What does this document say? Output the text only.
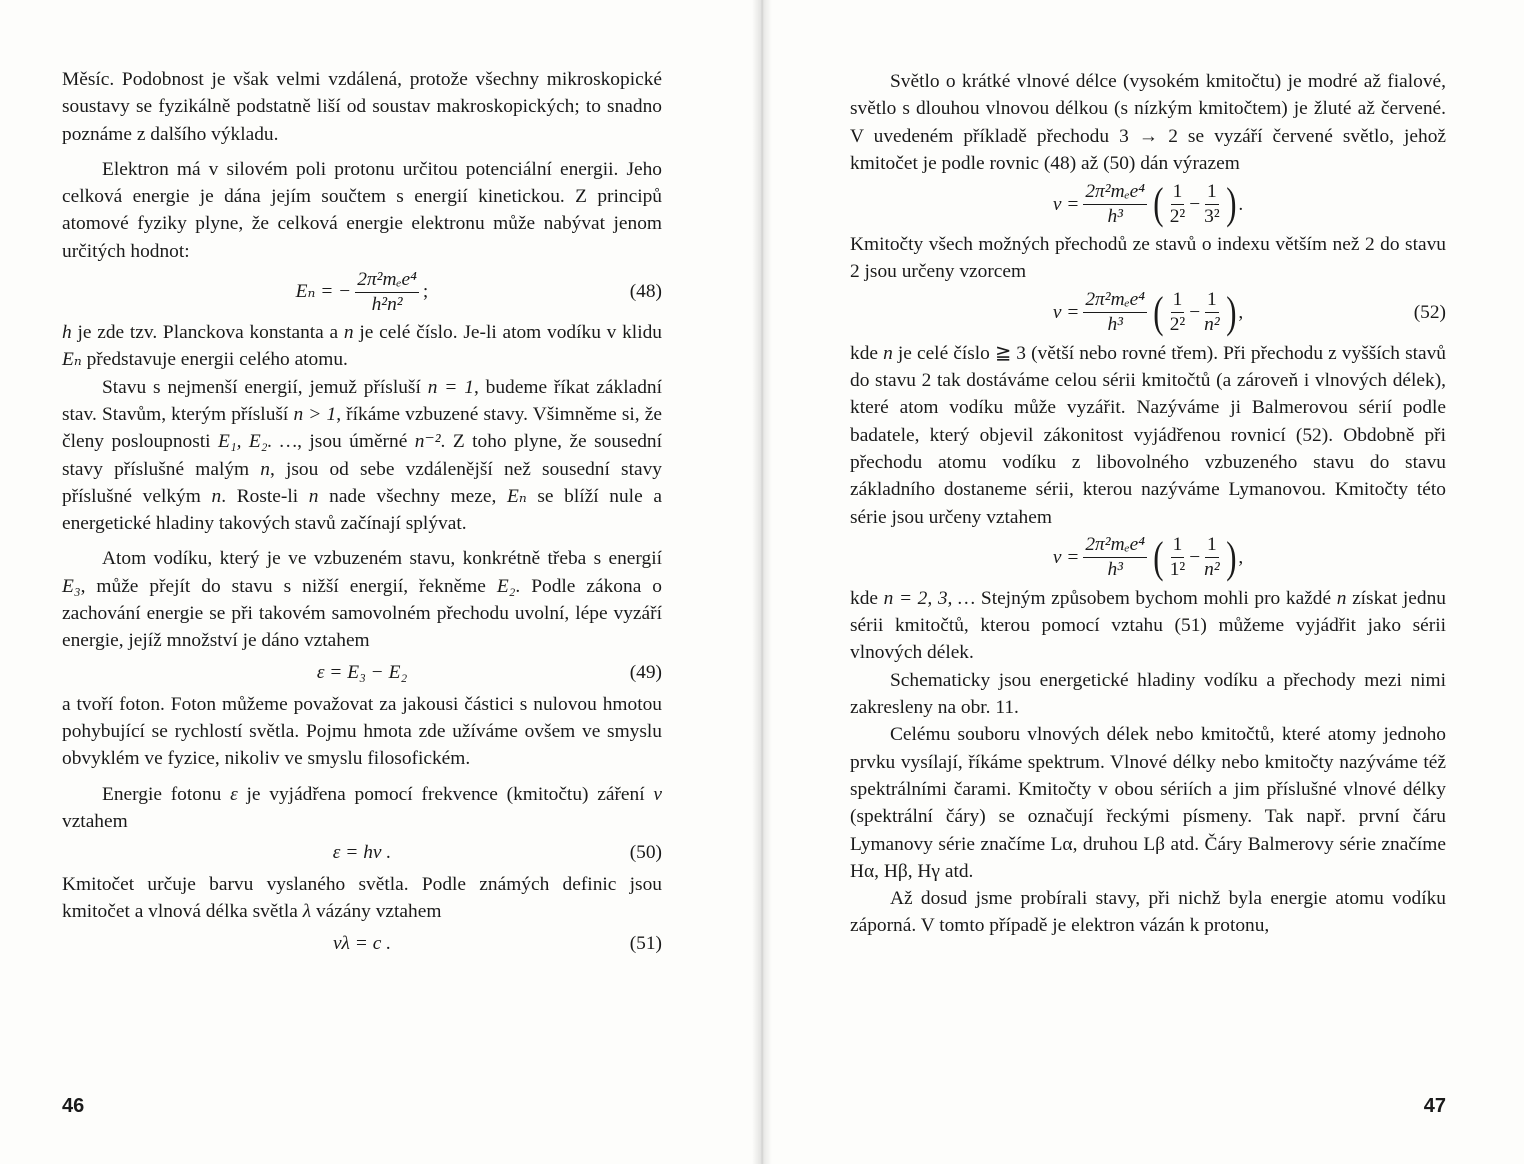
Měsíc. Podobnost je však velmi vzdálená, protože všechny mikroskopické soustavy se fyzikálně podstatně liší od soustav makroskopických; to snadno poznáme z dalšího výkladu.

Elektron má v silovém poli protonu určitou potenciální energii. Jeho celková energie je dána jejím součtem s energií kinetickou. Z principů atomové fyziky plyne, že celková energie elektronu může nabývat jenom určitých hodnot:

Eₙ = − $\frac{\text{2π²mₑe⁴}}{\text{h²n²}}$ ;	(48)

h je zde tzv. Planckova konstanta a n je celé číslo. Je-li atom vodíku v klidu Eₙ představuje energii celého atomu.

Stavu s nejmenší energií, jemuž přísluší n = 1, budeme říkat základní stav. Stavům, kterým přísluší n > 1, říkáme vzbuzené stavy. Všimněme si, že členy posloupnosti E₁, E₂. …, jsou úměrné n⁻². Z toho plyne, že sousední stavy příslušné malým n, jsou od sebe vzdálenější než sousední stavy příslušné velkým n. Roste-li n nade všechny meze, Eₙ se blíží nule a energetické hladiny takových stavů začínají splývat.

Atom vodíku, který je ve vzbuzeném stavu, konkrétně třeba s energií E₃, může přejít do stavu s nižší energií, řekněme E₂. Podle zákona o zachování energie se při takovém samovolném přechodu uvolní, lépe vyzáří energie, jejíž množství je dáno vztahem

ε = E₃ − E₂	(49)

a tvoří foton. Foton můžeme považovat za jakousi částici s nulovou hmotou pohybující se rychlostí světla. Pojmu hmota zde užíváme ovšem ve smyslu obvyklém ve fyzice, nikoliv ve smyslu filosofickém.

Energie fotonu ε je vyjádřena pomocí frekvence (kmitočtu) záření ν vztahem

ε = hν .	(50)

Kmitočet určuje barvu vyslaného světla. Podle známých definic jsou kmitočet a vlnová délka světla λ vázány vztahem

νλ = c .	(51)
46

Světlo o krátké vlnové délce (vysokém kmitočtu) je modré až fialové, světlo s dlouhou vlnovou délkou (s nízkým kmitočtem) je žluté až červené. V uvedeném příkladě přechodu 3 → 2 se vyzáří červené světlo, jehož kmitočet je podle rovnic (48) až (50) dán výrazem

$\nu = \frac{\text{2π²mₑe⁴}}{\text{h³}}$ ( $\frac{1}{\text{2²}} - \frac{1}{\text{3²}}$ ) .

Kmitočty všech možných přechodů ze stavů o indexu větším než 2 do stavu 2 jsou určeny vzorcem

$\nu = \frac{\text{2π²mₑe⁴}}{\text{h³}}$ ( $\frac{1}{\text{2²}} - \frac{1}{\text{n²}}$ ) ,	(52)

kde n je celé číslo ≧ 3 (větší nebo rovné třem). Při přechodu z vyšších stavů do stavu 2 tak dostáváme celou sérii kmitočtů (a zároveň i vlnových délek), které atom vodíku může vyzářit. Nazýváme ji Balmerovou sérií podle badatele, který objevil zákonitost vyjádřenou rovnicí (52). Obdobně při přechodu atomu vodíku z libovolného vzbuzeného stavu do stavu základního dostaneme sérii, kterou nazýváme Lymanovou. Kmitočty této série jsou určeny vztahem

$\nu = \frac{\text{2π²mₑe⁴}}{\text{h³}}$ ( $\frac{1}{\text{1²}} - \frac{1}{\text{n²}}$ ) ,

kde n = 2, 3, … Stejným způsobem bychom mohli pro každé n získat jednu sérii kmitočtů, kterou pomocí vztahu (51) můžeme vyjádřit jako sérii vlnových délek.

Schematicky jsou energetické hladiny vodíku a přechody mezi nimi zakresleny na obr. 11.

Celému souboru vlnových délek nebo kmitočtů, které atomy jednoho prvku vysílají, říkáme spektrum. Vlnové délky nebo kmitočty nazýváme též spektrálními čarami. Kmitočty v obou sériích a jim příslušné vlnové délky (spektrální čáry) se označují řeckými písmeny. Tak např. první čáru Lymanovy série značíme Lα, druhou Lβ atd. Čáry Balmerovy série značíme Hα, Hβ, Hγ atd.

Až dosud jsme probírali stavy, při nichž byla energie atomu vodíku záporná. V tomto případě je elektron vázán k protonu,

47
